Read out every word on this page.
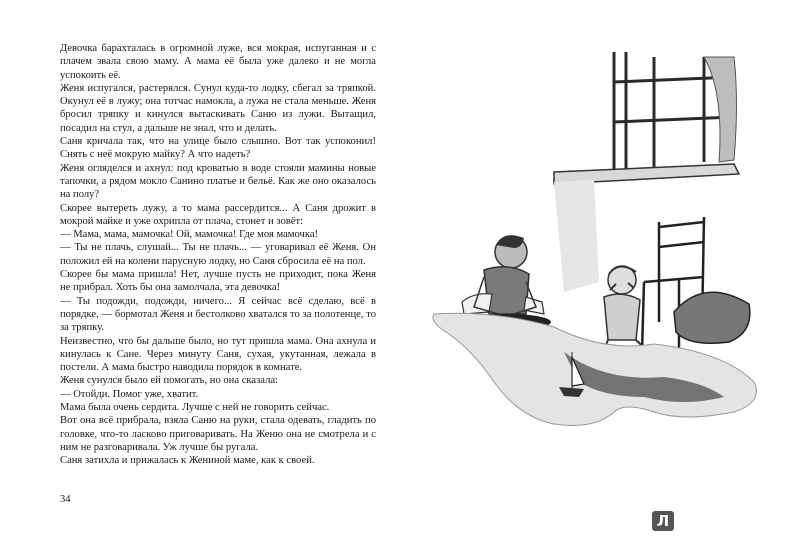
Девочка барахталась в огромной луже, вся мокрая, испуганная и с плачем звала свою маму. А мама её была уже далеко и не могла успокоить её.

Женя испугался, растерялся. Сунул куда-то лодку, сбегал за тряпкой. Окунул её в лужу; она тотчас намокла, а лужа не стала меньше. Женя бросил тряпку и кинулся вытаскивать Саню из лужи. Вытащил, посадил на стул, а дальше не знал, что и делать.

Саня кричала так, что на улице было слышно. Вот так успоконил! Снять с неё мокрую майку? А что надеть?

Женя огляделся и ахнул: под кроватью в воде стояли мамины новые тапочки, а рядом мокло Санино платье и бельё. Как же оно оказалось на полу?

Скорее вытереть лужу, а то мама рассердится... А Саня дрожит в мокрой майке и уже охрипла от плача, стонет и зовёт:

— Мама, мама, мамочка! Ой, мамочка! Где моя мамочка!

— Ты не плачь, слушай... Ты не плачь... — уговаривал её Женя. Он положил ей на колени парусную лодку, но Саня сбросила её на пол.

Скорее бы мама пришла! Нет, лучше пусть не приходит, пока Женя не прибрал. Хоть бы она замолчала, эта девочка!

— Ты подожди, подожди, ничего... Я сейчас всё сделаю, всё в порядке, — бормотал Женя и бестолково хватался то за полотенце, то за тряпку.

Неизвестно, что бы дальше было, но тут пришла мама. Она ахнула и кинулась к Сане. Через минуту Саня, сухая, укутанная, лежала в постели. А мама быстро наводила порядок в комнате.

Женя сунулся было ей помогать, но она сказала:

— Отойди. Помог уже, хватит.

Мама была очень сердита. Лучше с ней не говорить сейчас.

Вот она всё прибрала, взяла Саню на руки, стала одевать, гладить по головке, что-то ласково приговаривать. На Женю она не смотрела и с ним не разговаривала. Уж лучше бы ругала.

Саня затихла и прижалась к Жениной маме, как к своей.

34
Л
